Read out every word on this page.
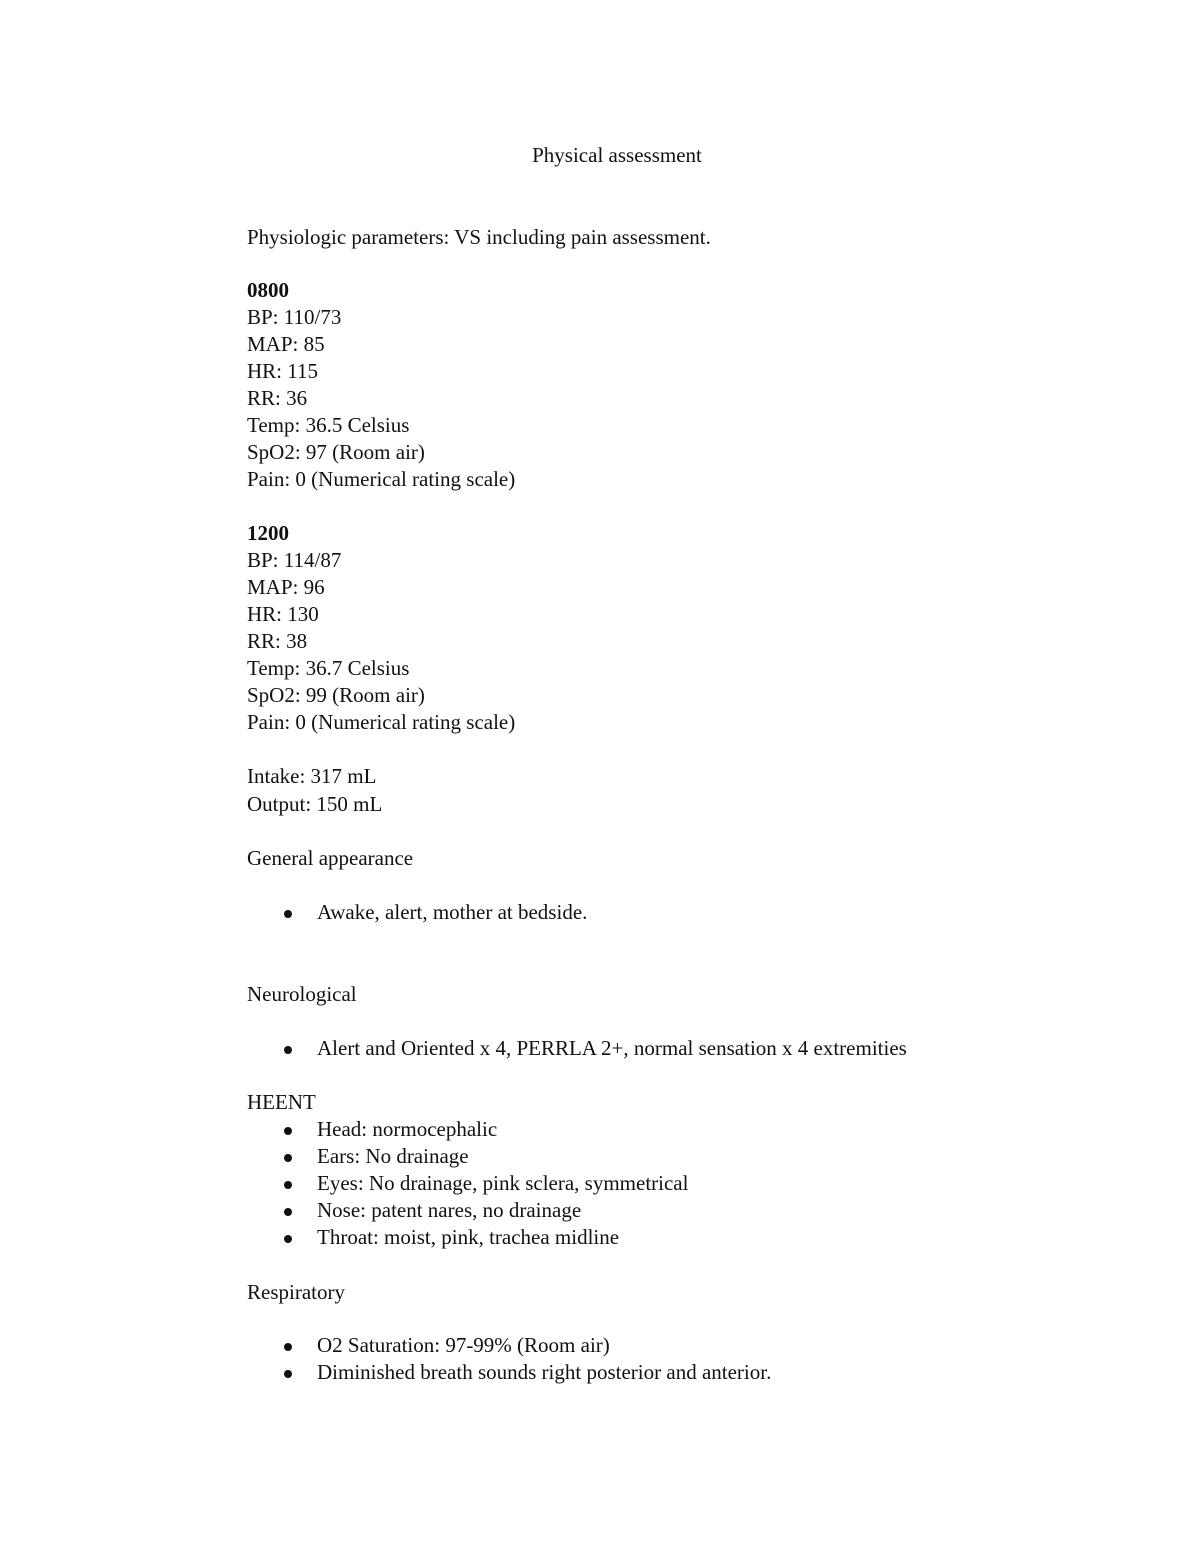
Physical assessment
Physiologic parameters: VS including pain assessment.
0800
BP: 110/73
MAP: 85
HR: 115
RR: 36
Temp: 36.5 Celsius
SpO2: 97 (Room air)
Pain: 0 (Numerical rating scale)
1200
BP: 114/87
MAP: 96
HR: 130
RR: 38
Temp: 36.7 Celsius
SpO2: 99 (Room air)
Pain: 0 (Numerical rating scale)
Intake: 317 mL
Output: 150 mL
General appearance
Awake, alert, mother at bedside.
Neurological
Alert and Oriented x 4, PERRLA 2+, normal sensation x 4 extremities
HEENT
Head: normocephalic
Ears: No drainage
Eyes: No drainage, pink sclera, symmetrical
Nose: patent nares, no drainage
Throat: moist, pink, trachea midline
Respiratory
O2 Saturation: 97-99% (Room air)
Diminished breath sounds right posterior and anterior.
